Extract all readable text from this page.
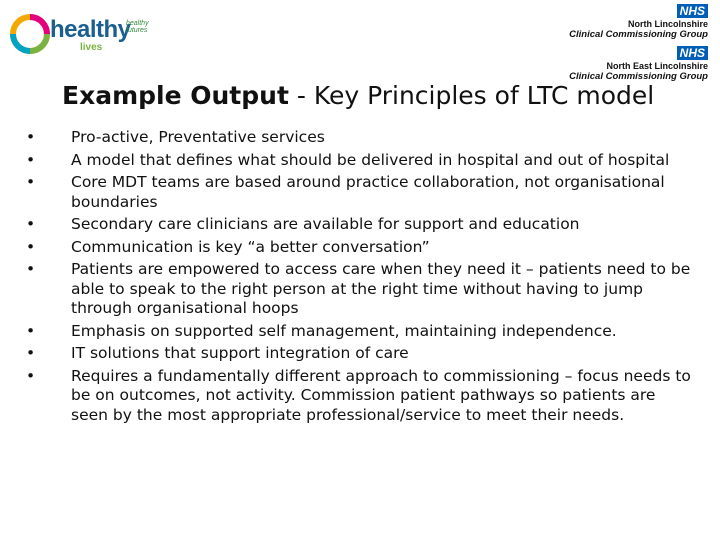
healthy
lives
healthy
futures
NHS
North Lincolnshire
Clinical Commissioning Group
NHS
North East Lincolnshire
Clinical Commissioning Group
Example Output - Key Principles of LTC model
•	Pro-active, Preventative services
•	A model that defines what should be delivered in hospital and out of hospital
•	Core MDT teams are based around practice collaboration, not organisational boundaries
•	Secondary care clinicians are available for support and education
•	Communication is key “a better conversation”
•	Patients are empowered to access care when they need it – patients need to be able to speak to the right person at the right time without having to jump through organisational hoops
•	Emphasis on supported self management, maintaining independence.
•	IT solutions that support integration of care
•	Requires a fundamentally different approach to commissioning – focus needs to be on outcomes, not activity. Commission patient pathways so patients are seen by the most appropriate professional/service to meet their needs.
